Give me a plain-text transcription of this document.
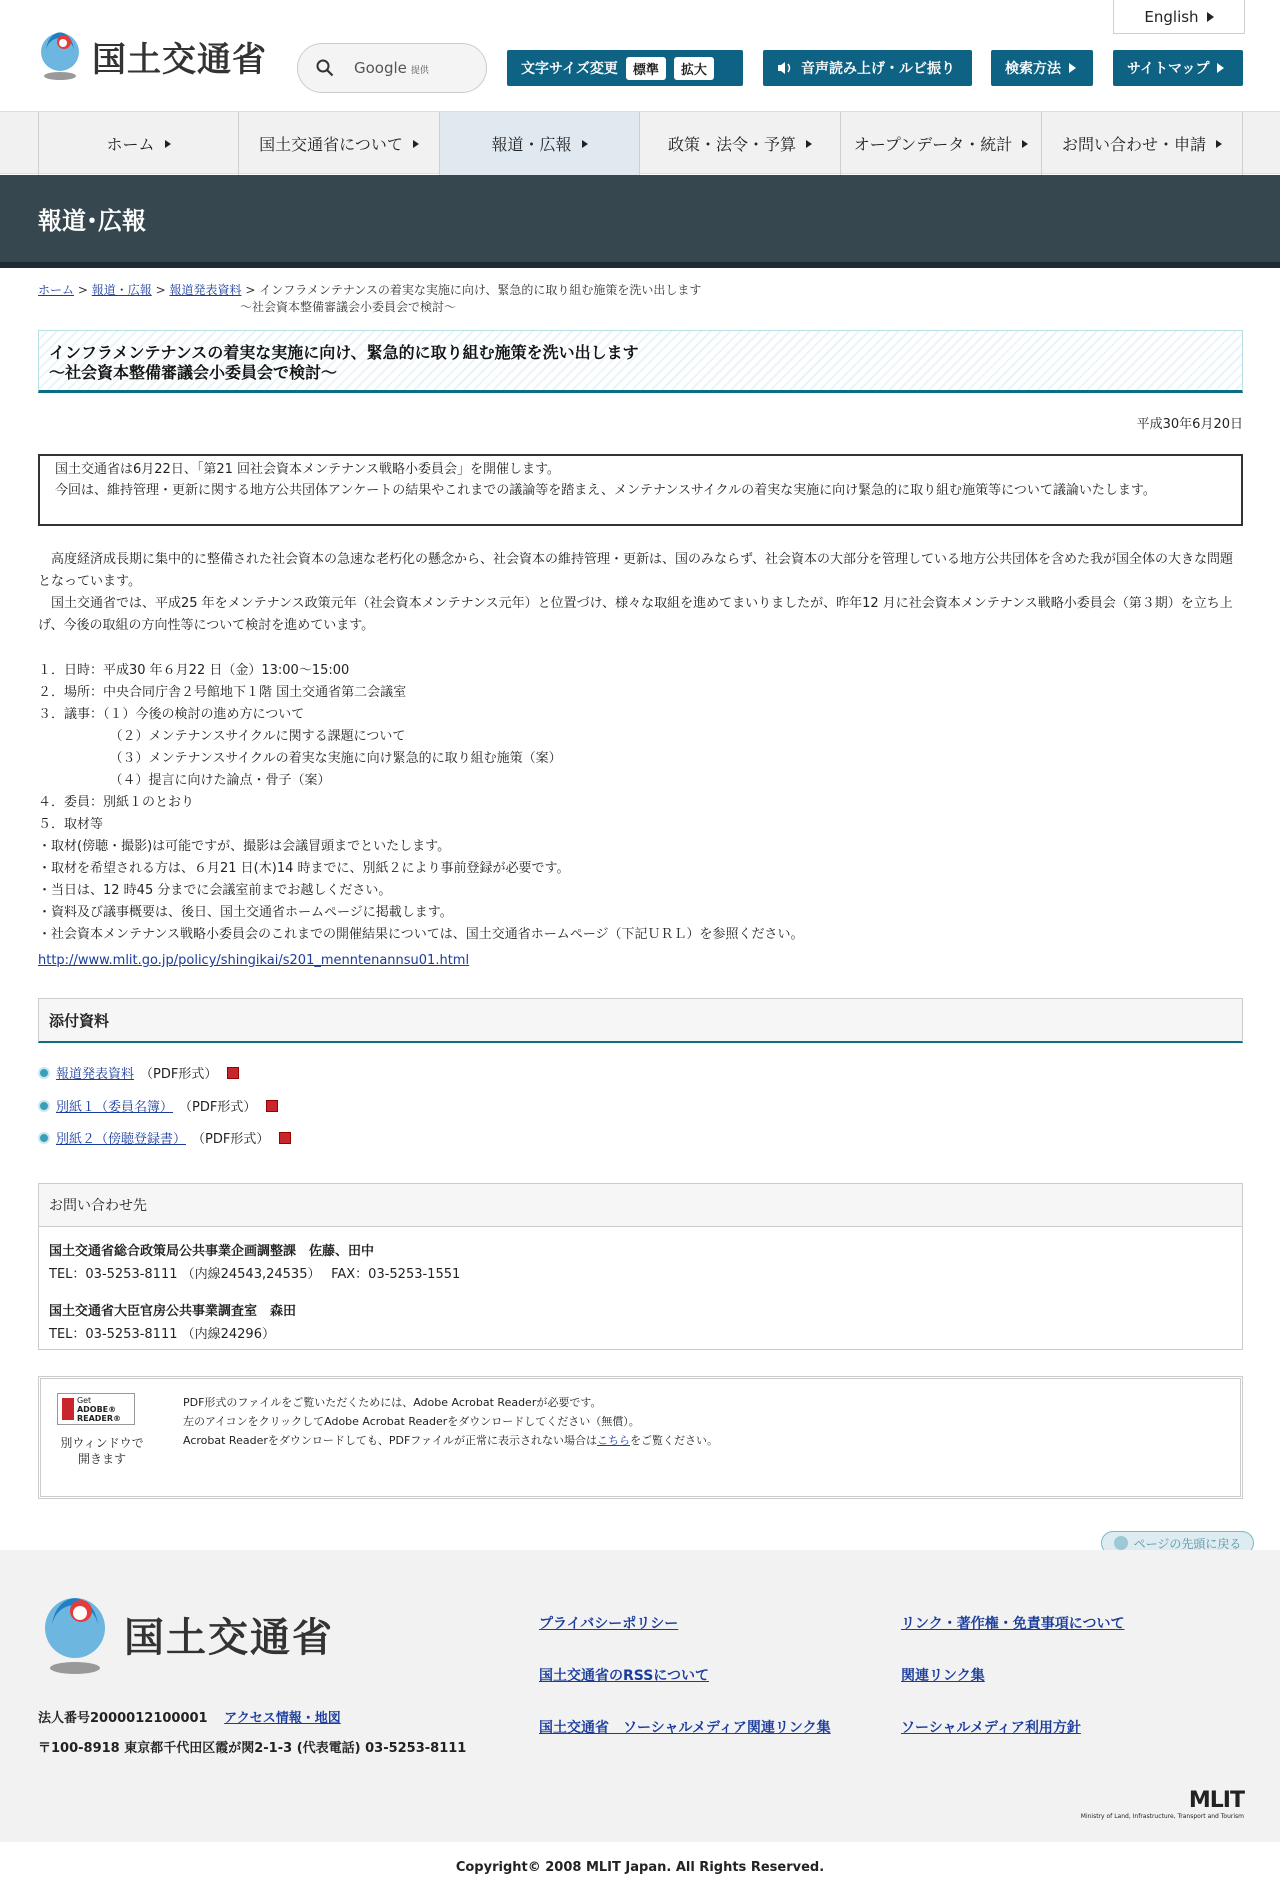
English
国土交通省	Google 提供	文字サイズ変更	標準	拡大	音声読み上げ・ルビ振り	検索方法	サイトマップ
ホーム	国土交通省について	報道・広報	政策・法令・予算	オープンデータ・統計	お問い合わせ・申請
報道･広報
ホーム > 報道・広報 > 報道発表資料 > インフラメンテナンスの着実な実施に向け、緊急的に取り組む施策を洗い出します
～社会資本整備審議会小委員会で検討～
インフラメンテナンスの着実な実施に向け、緊急的に取り組む施策を洗い出します
～社会資本整備審議会小委員会で検討～
平成30年6月20日
　国土交通省は6月22日、「第21 回社会資本メンテナンス戦略小委員会」を開催します。
　今回は、維持管理・更新に関する地方公共団体アンケートの結果やこれまでの議論等を踏まえ、メンテナンスサイクルの着実な実施に向け緊急的に取り組む施策等について議論いたします。
　高度経済成長期に集中的に整備された社会資本の急速な老朽化の懸念から、社会資本の維持管理・更新は、国のみならず、社会資本の大部分を管理している地方公共団体を含めた我が国全体の大きな問題となっています。
　国土交通省では、平成25 年をメンテナンス政策元年（社会資本メンテナンス元年）と位置づけ、様々な取組を進めてまいりましたが、昨年12 月に社会資本メンテナンス戦略小委員会（第３期）を立ち上げ、今後の取組の方向性等について検討を進めています。
１．日時：平成30 年６月22 日（金）13:00～15:00
２．場所：中央合同庁舎２号館地下１階 国土交通省第二会議室
３．議事：（１）今後の検討の進め方について
　　　　　　（２）メンテナンスサイクルに関する課題について
　　　　　　（３）メンテナンスサイクルの着実な実施に向け緊急的に取り組む施策（案）
　　　　　　（４）提言に向けた論点・骨子（案）
４．委員：別紙１のとおり
５．取材等
・取材(傍聴・撮影)は可能ですが、撮影は会議冒頭までといたします。
・取材を希望される方は、６月21 日(木)14 時までに、別紙２により事前登録が必要です。
・当日は、12 時45 分までに会議室前までお越しください。
・資料及び議事概要は、後日、国土交通省ホームページに掲載します。
・社会資本メンテナンス戦略小委員会のこれまでの開催結果については、国土交通省ホームページ（下記ＵＲＬ）を参照ください。
http://www.mlit.go.jp/policy/shingikai/s201_menntenannsu01.html
添付資料
報道発表資料 （PDF形式）
別紙１（委員名簿） （PDF形式）
別紙２（傍聴登録書） （PDF形式）
お問い合わせ先
国土交通省総合政策局公共事業企画調整課　佐藤、田中
TEL：03-5253-8111 （内線24543,24535）　 FAX：03-5253-1551
国土交通省大臣官房公共事業調査室　森田
TEL：03-5253-8111 （内線24296）
Get
ADOBE® READER®
別ウィンドウで
開きます
PDF形式のファイルをご覧いただくためには、Adobe Acrobat Readerが必要です。
左のアイコンをクリックしてAdobe Acrobat Readerをダウンロードしてください（無償）。
Acrobat Readerをダウンロードしても、PDFファイルが正常に表示されない場合はこちらをご覧ください。
ページの先頭に戻る
国土交通省
法人番号2000012100001 アクセス情報・地図
〒100-8918 東京都千代田区霞が関2-1-3 (代表電話) 03-5253-8111
プライバシーポリシー	リンク・著作権・免責事項について
国土交通省のRSSについて	関連リンク集
国土交通省　ソーシャルメディア関連リンク集	ソーシャルメディア利用方針
MLIT
Ministry of Land, Infrastructure, Transport and Tourism
Copyright© 2008 MLIT Japan. All Rights Reserved.
